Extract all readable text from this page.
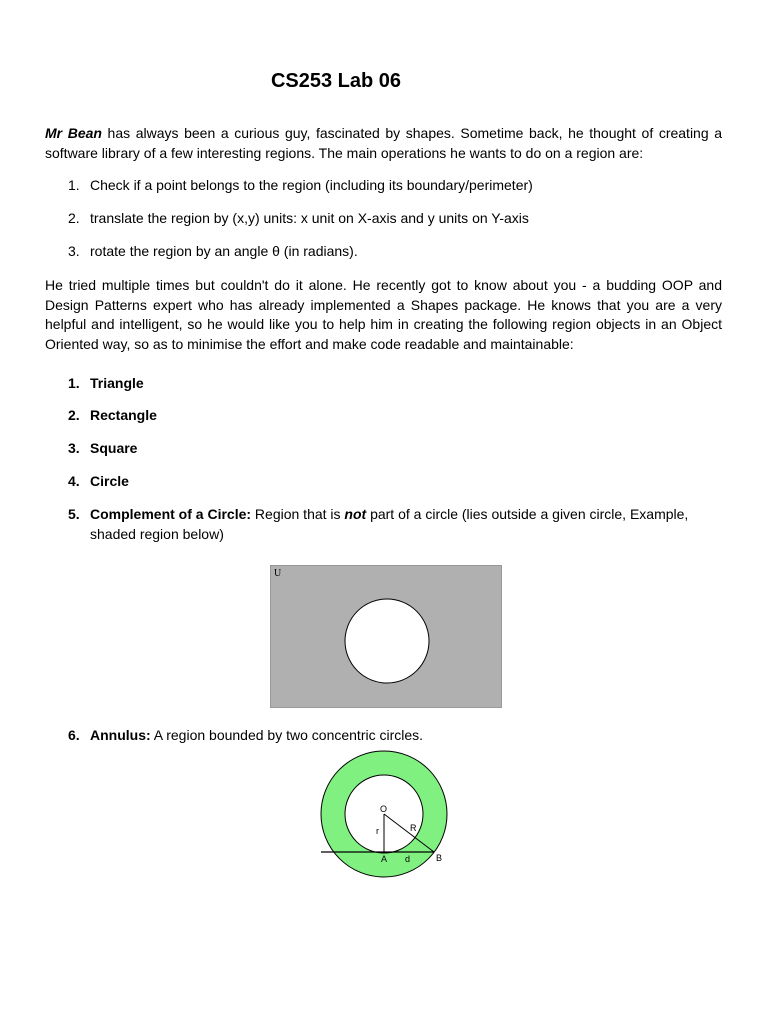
CS253 Lab 06

Mr Bean has always been a curious guy, fascinated by shapes. Sometime back, he thought of creating a software library of a few interesting regions. The main operations he wants to do on a region are:

1. Check if a point belongs to the region (including its boundary/perimeter)
2. translate the region by (x,y) units: x unit on X-axis and y units on Y-axis
3. rotate the region by an angle θ (in radians).

He tried multiple times but couldn't do it alone. He recently got to know about you - a budding OOP and Design Patterns expert who has already implemented a Shapes package. He knows that you are a very helpful and intelligent, so he would like you to help him in creating the following region objects in an Object Oriented way, so as to minimise the effort and make code readable and maintainable:

1. Triangle
2. Rectangle
3. Square
4. Circle
5. Complement of a Circle: Region that is not part of a circle (lies outside a given circle, Example, shaded region below)
U
6. Annulus: A region bounded by two concentric circles.
O
r	R
A d	B
